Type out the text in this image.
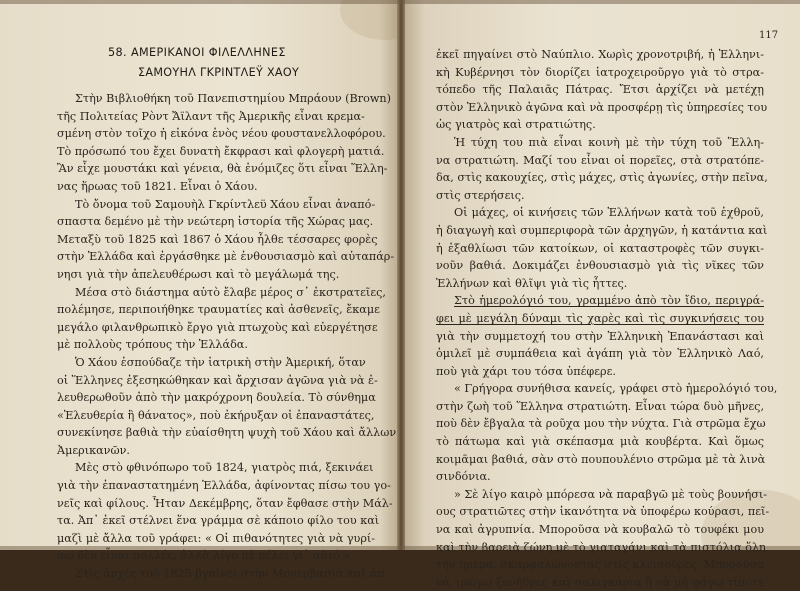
58. ΑΜΕΡΙΚΑΝΟΙ ΦΙΛΕΛΛΗΝΕΣ
ΣΑΜΟΥΗΛ ΓΚΡΙΝΤΛΕΫ ΧΑΟΥ
Στὴν Βιβλιοθήκη τοῦ Πανεπιστημίου Μπράουν (Brown)
τῆς Πολιτείας Ρὸντ Ἄϊλαντ τῆς Ἀμερικῆς εἶναι κρεμα-
σμένη στὸν τοῖχο ἡ εἰκόνα ἑνὸς νέου φουστανελλοφόρου.
Τὸ πρόσωπό του ἔχει δυνατὴ ἔκφρασι καὶ φλογερὴ ματιά.
Ἂν εἶχε μουστάκι καὶ γένεια, θὰ ἐνόμιζες ὅτι εἶναι Ἕλλη-
νας ἥρωας τοῦ 1821. Εἶναι ὁ Χάου.
Τὸ ὄνομα τοῦ Σαμουὴλ Γκρίντλεϋ Χάου εἶναι ἀναπό-
σπαστα δεμένο μὲ τὴν νεώτερη ἱστορία τῆς Χώρας μας.
Μεταξὺ τοῦ 1825 καὶ 1867 ὁ Χάου ἦλθε τέσσαρες φορὲς
στὴν Ἑλλάδα καὶ ἐργάσθηκε μὲ ἐνθουσιασμὸ καὶ αὐταπάρ-
νησι γιὰ τὴν ἀπελευθέρωσι καὶ τὸ μεγάλωμά της.
Μέσα στὸ διάστημα αὐτὸ ἔλαβε μέρος σ᾽ ἐκστρατεῖες,
πολέμησε, περιποιήθηκε τραυματίες καὶ ἀσθενεῖς, ἔκαμε
μεγάλο φιλανθρωπικὸ ἔργο γιὰ πτωχοὺς καὶ εὐεργέτησε
μὲ πολλοὺς τρόπους τὴν Ἑλλάδα.
Ὁ Χάου ἐσπούδαζε τὴν ἰατρικὴ στὴν Ἀμερική, ὅταν
οἱ Ἕλληνες ἐξεσηκώθηκαν καὶ ἄρχισαν ἀγῶνα γιὰ νὰ ἐ-
λευθερωθοῦν ἀπὸ τὴν μακρόχρονη δουλεία. Τὸ σύνθημα
«Ἐλευθερία ἢ θάνατος», ποὺ ἐκήρυξαν οἱ ἐπαναστάτες,
συνεκίνησε βαθιὰ τὴν εὐαίσθητη ψυχὴ τοῦ Χάου καὶ ἄλλων
Ἀμερικανῶν.
Μὲς στὸ φθινόπωρο τοῦ 1824, γιατρὸς πιά, ξεκινάει
γιὰ τὴν ἐπαναστατημένη Ἑλλάδα, ἀφίνοντας πίσω του γο-
νεῖς καὶ φίλους. Ἦταν Δεκέμβρης, ὅταν ἔφθασε στὴν Μάλ-
τα. Ἀπ᾽ ἐκεῖ στέλνει ἕνα γράμμα σὲ κάποιο φίλο του καὶ
μαζὶ μὲ ἄλλα τοῦ γράφει: « Οἱ πιθανότητες γιὰ νὰ γυρί-
σω δὲν εἶναι πολλές, ἀλλὰ λίγο μὲ μέλει γι᾽ αὐτό ».
Στὶς ἀρχὲς τοῦ 1825 βγαίνει στὴν Μονεμβασιὰ καὶ ἀπ᾽
117
ἐκεῖ πηγαίνει στὸ Ναύπλιο. Χωρὶς χρονοτριβή, ἡ Ἑλληνι-
κὴ Κυβέρνησι τὸν διορίζει ἰατροχειροῦργο γιὰ τὸ στρα-
τόπεδο τῆς Παλαιᾶς Πάτρας. Ἔτσι ἀρχίζει νὰ μετέχῃ
στὸν Ἑλληνικὸ ἀγῶνα καὶ νὰ προσφέρῃ τὶς ὑπηρεσίες του
ὡς γιατρὸς καὶ στρατιώτης.
Ἡ τύχη του πιὰ εἶναι κοινὴ μὲ τὴν τύχη τοῦ Ἕλλη-
να στρατιώτη. Μαζί του εἶναι οἱ πορεῖες, στὰ στρατόπε-
δα, στὶς κακουχίες, στὶς μάχες, στὶς ἀγωνίες, στὴν πεῖνα,
στὶς στερήσεις.
Οἱ μάχες, οἱ κινήσεις τῶν Ἑλλήνων κατὰ τοῦ ἐχθροῦ,
ἡ διαγωγὴ καὶ συμπεριφορὰ τῶν ἀρχηγῶν, ἡ κατάντια καὶ
ἡ ἐξαθλίωσι τῶν κατοίκων, οἱ καταστροφὲς τῶν συγκι-
νοῦν βαθιά. Δοκιμάζει ἐνθουσιασμὸ γιὰ τὶς νῖκες τῶν
Ἑλλήνων καὶ θλῖψι γιὰ τὶς ἧττες.
Στὸ ἡμερολόγιό του, γραμμένο ἀπὸ τὸν ἴδιο, περιγρά-
φει μὲ μεγάλη δύναμι τὶς χαρὲς καὶ τὶς συγκινήσεις του
γιὰ τὴν συμμετοχή του στὴν Ἑλληνικὴ Ἐπανάστασι καὶ
ὁμιλεῖ μὲ συμπάθεια καὶ ἀγάπη γιὰ τὸν Ἑλληνικὸ Λαό,
ποὺ γιὰ χάρι του τόσα ὑπέφερε.
« Γρήγορα συνήθισα κανείς, γράφει στὸ ἡμερολόγιό του,
στὴν ζωὴ τοῦ Ἕλληνα στρατιώτη. Εἶναι τώρα δυὸ μῆνες,
ποὺ δὲν ἔβγαλα τὰ ροῦχα μου τὴν νύχτα. Γιὰ στρῶμα ἔχω
τὸ πάτωμα καὶ γιὰ σκέπασμα μιὰ κουβέρτα. Καὶ ὅμως
κοιμᾶμαι βαθιά, σὰν στὸ πουπουλένιο στρῶμα μὲ τὰ λινὰ
σινδόνια.
» Σὲ λίγο καιρὸ μπόρεσα νὰ παραβγῶ μὲ τοὺς βουνήσι-
ους στρατιῶτες στὴν ἱκανότητα νὰ ὑποφέρω κούρασι, πεῖ-
να καὶ ἀγρυπνία. Μποροῦσα νὰ κουβαλῶ τὸ τουφέκι μου
καὶ τὴν βαρειὰ ζώνη μὲ τὸ γιαταγάνι καὶ τὰ πιστόλια ὅλη
τὴν ἡμέρα, σκαρφαλώνοντας στὶς κλεισοῦρες. Μποροῦσα
νὰ τρώγω ξυνήθρες καὶ σαλιγκάρια ἢ νὰ μὴ φάγω τίποτε
